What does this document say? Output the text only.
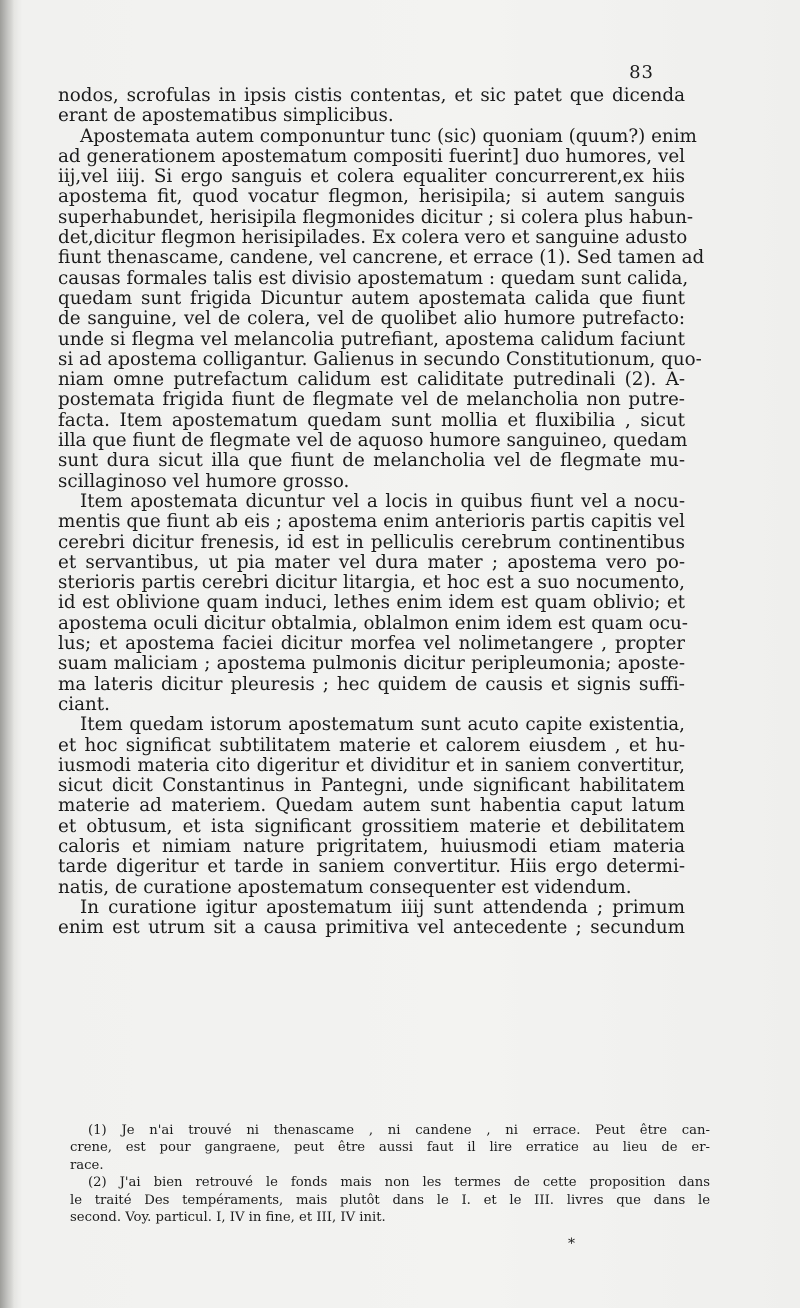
83
nodos, scrofulas in ipsis cistis contentas, et sic patet que dicenda
erant de apostematibus simplicibus.
Apostemata autem componuntur tunc (sic) quoniam (quum?) enim
ad generationem apostematum compositi fuerint] duo humores, vel
iij,vel iiij. Si ergo sanguis et colera equaliter concurrerent,ex hiis
apostema fit, quod vocatur flegmon, herisipila; si autem sanguis
superhabundet, herisipila flegmonides dicitur ; si colera plus habun-
det,dicitur flegmon herisipilades. Ex colera vero et sanguine adusto
fiunt thenascame, candene, vel cancrene, et errace (1). Sed tamen ad
causas formales talis est divisio apostematum : quedam sunt calida,
quedam sunt frigida Dicuntur autem apostemata calida que fiunt
de sanguine, vel de colera, vel de quolibet alio humore putrefacto:
unde si flegma vel melancolia putrefiant, apostema calidum faciunt
si ad apostema colligantur. Galienus in secundo Constitutionum, quo-
niam omne putrefactum calidum est caliditate putredinali (2). A-
postemata frigida fiunt de flegmate vel de melancholia non putre-
facta. Item apostematum quedam sunt mollia et fluxibilia , sicut
illa que fiunt de flegmate vel de aquoso humore sanguineo, quedam
sunt dura sicut illa que fiunt de melancholia vel de flegmate mu-
scillaginoso vel humore grosso.
Item apostemata dicuntur vel a locis in quibus fiunt vel a nocu-
mentis que fiunt ab eis ; apostema enim anterioris partis capitis vel
cerebri dicitur frenesis, id est in pelliculis cerebrum continentibus
et servantibus, ut pia mater vel dura mater ; apostema vero po-
sterioris partis cerebri dicitur litargia, et hoc est a suo nocumento,
id est oblivione quam induci, lethes enim idem est quam oblivio; et
apostema oculi dicitur obtalmia, oblalmon enim idem est quam ocu-
lus; et apostema faciei dicitur morfea vel nolimetangere , propter
suam maliciam ; apostema pulmonis dicitur peripleumonia; aposte-
ma lateris dicitur pleuresis ; hec quidem de causis et signis suffi-
ciant.
Item quedam istorum apostematum sunt acuto capite existentia,
et hoc significat subtilitatem materie et calorem eiusdem , et hu-
iusmodi materia cito digeritur et dividitur et in saniem convertitur,
sicut dicit Constantinus in Pantegni, unde significant habilitatem
materie ad materiem. Quedam autem sunt habentia caput latum
et obtusum, et ista significant grossitiem materie et debilitatem
caloris et nimiam nature prigritatem, huiusmodi etiam materia
tarde digeritur et tarde in saniem convertitur. Hiis ergo determi-
natis, de curatione apostematum consequenter est videndum.
In curatione igitur apostematum iiij sunt attendenda ; primum
enim est utrum sit a causa primitiva vel antecedente ; secundum
(1) Je n'ai trouvé ni thenascame , ni candene , ni errace. Peut être can-
crene, est pour gangraene, peut être aussi faut il lire erratice au lieu de er-
race.
(2) J'ai bien retrouvé le fonds mais non les termes de cette proposition dans
le traité Des tempéraments, mais plutôt dans le I. et le III. livres que dans le
second. Voy. particul. I, IV in fine, et III, IV init.
*
